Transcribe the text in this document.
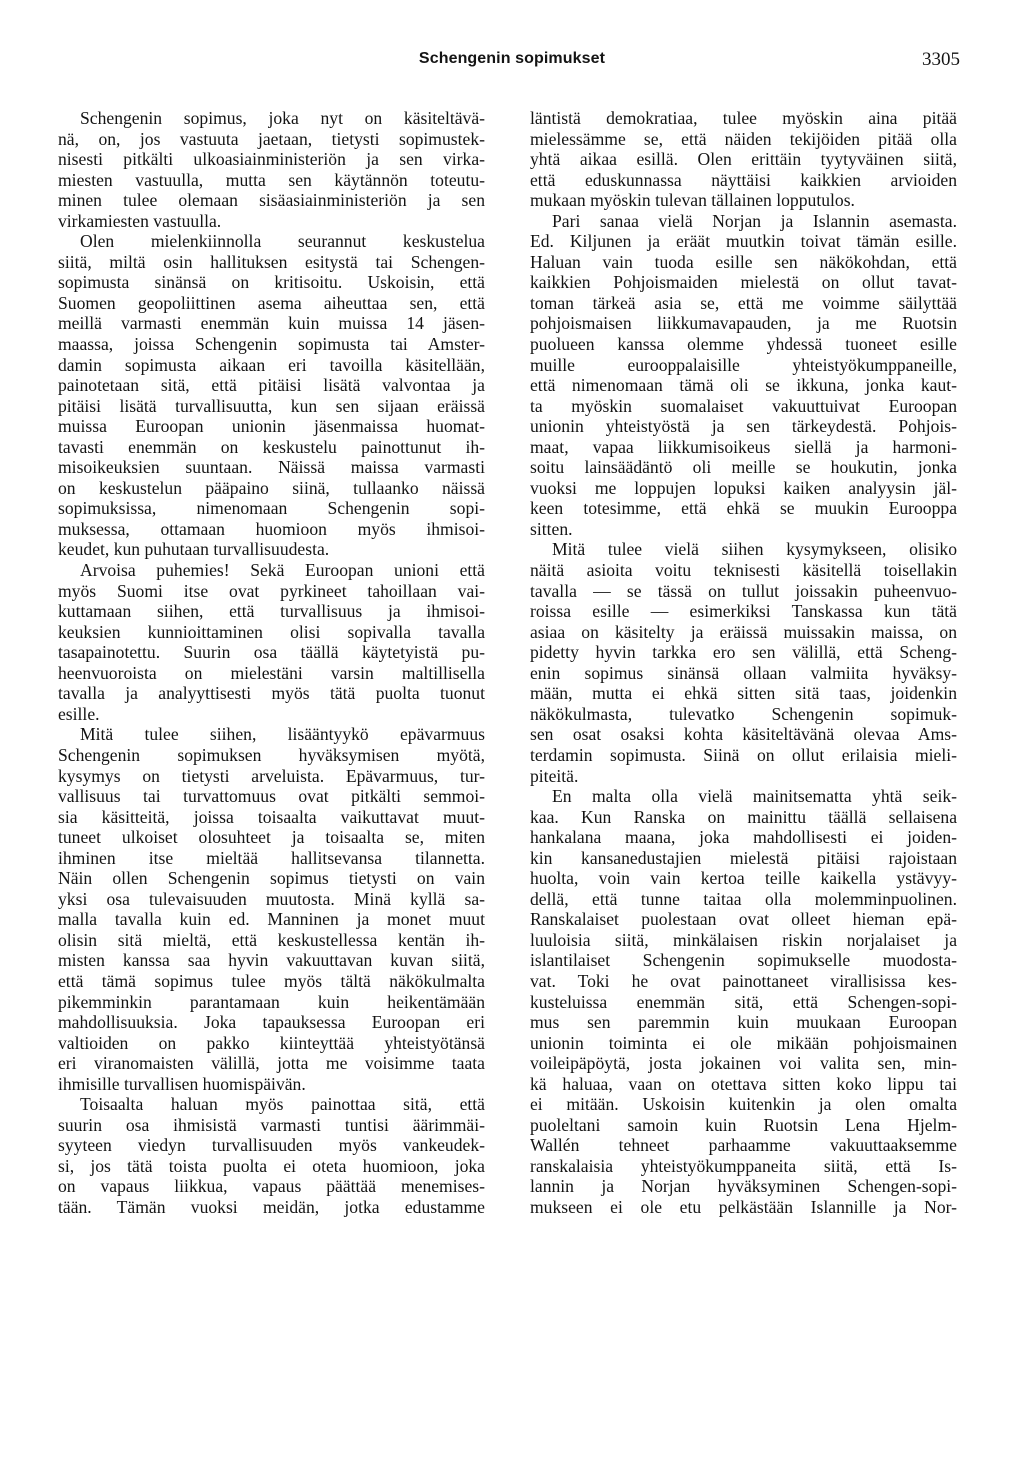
Schengenin sopimukset	3305
Schengenin sopimus, joka nyt on käsiteltävä-
nä, on, jos vastuuta jaetaan, tietysti sopimustek-
nisesti pitkälti ulkoasiainministeriön ja sen virka-
miesten vastuulla, mutta sen käytännön toteutu-
minen tulee olemaan sisäasiainministeriön ja sen
virkamiesten vastuulla.
Olen mielenkiinnolla seurannut keskustelua
siitä, miltä osin hallituksen esitystä tai Schengen-
sopimusta sinänsä on kritisoitu. Uskoisin, että
Suomen geopoliittinen asema aiheuttaa sen, että
meillä varmasti enemmän kuin muissa 14 jäsen-
maassa, joissa Schengenin sopimusta tai Amster-
damin sopimusta aikaan eri tavoilla käsitellään,
painotetaan sitä, että pitäisi lisätä valvontaa ja
pitäisi lisätä turvallisuutta, kun sen sijaan eräissä
muissa Euroopan unionin jäsenmaissa huomat-
tavasti enemmän on keskustelu painottunut ih-
misoikeuksien suuntaan. Näissä maissa varmasti
on keskustelun pääpaino siinä, tullaanko näissä
sopimuksissa, nimenomaan Schengenin sopi-
muksessa, ottamaan huomioon myös ihmisoi-
keudet, kun puhutaan turvallisuudesta.
Arvoisa puhemies! Sekä Euroopan unioni että
myös Suomi itse ovat pyrkineet tahoillaan vai-
kuttamaan siihen, että turvallisuus ja ihmisoi-
keuksien kunnioittaminen olisi sopivalla tavalla
tasapainotettu. Suurin osa täällä käytetyistä pu-
heenvuoroista on mielestäni varsin maltillisella
tavalla ja analyyttisesti myös tätä puolta tuonut
esille.
Mitä tulee siihen, lisääntyykö epävarmuus
Schengenin sopimuksen hyväksymisen myötä,
kysymys on tietysti arveluista. Epävarmuus, tur-
vallisuus tai turvattomuus ovat pitkälti semmoi-
sia käsitteitä, joissa toisaalta vaikuttavat muut-
tuneet ulkoiset olosuhteet ja toisaalta se, miten
ihminen itse mieltää hallitsevansa tilannetta.
Näin ollen Schengenin sopimus tietysti on vain
yksi osa tulevaisuuden muutosta. Minä kyllä sa-
malla tavalla kuin ed. Manninen ja monet muut
olisin sitä mieltä, että keskustellessa kentän ih-
misten kanssa saa hyvin vakuuttavan kuvan siitä,
että tämä sopimus tulee myös tältä näkökulmalta
pikemminkin parantamaan kuin heikentämään
mahdollisuuksia. Joka tapauksessa Euroopan eri
valtioiden on pakko kiinteyttää yhteistyötänsä
eri viranomaisten välillä, jotta me voisimme taata
ihmisille turvallisen huomispäivän.
Toisaalta haluan myös painottaa sitä, että
suurin osa ihmisistä varmasti tuntisi äärimmäi-
syyteen viedyn turvallisuuden myös vankeudek-
si, jos tätä toista puolta ei oteta huomioon, joka
on vapaus liikkua, vapaus päättää menemises-
tään. Tämän vuoksi meidän, jotka edustamme
läntistä demokratiaa, tulee myöskin aina pitää
mielessämme se, että näiden tekijöiden pitää olla
yhtä aikaa esillä. Olen erittäin tyytyväinen siitä,
että eduskunnassa näyttäisi kaikkien arvioiden
mukaan myöskin tulevan tällainen lopputulos.
Pari sanaa vielä Norjan ja Islannin asemasta.
Ed. Kiljunen ja eräät muutkin toivat tämän esille.
Haluan vain tuoda esille sen näkökohdan, että
kaikkien Pohjoismaiden mielestä on ollut tavat-
toman tärkeä asia se, että me voimme säilyttää
pohjoismaisen liikkumavapauden, ja me Ruotsin
puolueen kanssa olemme yhdessä tuoneet esille
muille eurooppalaisille yhteistyökumppaneille,
että nimenomaan tämä oli se ikkuna, jonka kaut-
ta myöskin suomalaiset vakuuttuivat Euroopan
unionin yhteistyöstä ja sen tärkeydestä. Pohjois-
maat, vapaa liikkumisoikeus siellä ja harmoni-
soitu lainsäädäntö oli meille se houkutin, jonka
vuoksi me loppujen lopuksi kaiken analyysin jäl-
keen totesimme, että ehkä se muukin Eurooppa
sitten.
Mitä tulee vielä siihen kysymykseen, olisiko
näitä asioita voitu teknisesti käsitellä toisellakin
tavalla — se tässä on tullut joissakin puheenvuo-
roissa esille — esimerkiksi Tanskassa kun tätä
asiaa on käsitelty ja eräissä muissakin maissa, on
pidetty hyvin tarkka ero sen välillä, että Scheng-
enin sopimus sinänsä ollaan valmiita hyväksy-
mään, mutta ei ehkä sitten sitä taas, joidenkin
näkökulmasta, tulevatko Schengenin sopimuk-
sen osat osaksi kohta käsiteltävänä olevaa Ams-
terdamin sopimusta. Siinä on ollut erilaisia mieli-
piteitä.
En malta olla vielä mainitsematta yhtä seik-
kaa. Kun Ranska on mainittu täällä sellaisena
hankalana maana, joka mahdollisesti ei joiden-
kin kansanedustajien mielestä pitäisi rajoistaan
huolta, voin vain kertoa teille kaikella ystävyy-
dellä, että tunne taitaa olla molemminpuolinen.
Ranskalaiset puolestaan ovat olleet hieman epä-
luuloisia siitä, minkälaisen riskin norjalaiset ja
islantilaiset Schengenin sopimukselle muodosta-
vat. Toki he ovat painottaneet virallisissa kes-
kusteluissa enemmän sitä, että Schengen-sopi-
mus sen paremmin kuin muukaan Euroopan
unionin toiminta ei ole mikään pohjoismainen
voileipäpöytä, josta jokainen voi valita sen, min-
kä haluaa, vaan on otettava sitten koko lippu tai
ei mitään. Uskoisin kuitenkin ja olen omalta
puoleltani samoin kuin Ruotsin Lena Hjelm-
Wallén tehneet parhaamme vakuuttaaksemme
ranskalaisia yhteistyökumppaneita siitä, että Is-
lannin ja Norjan hyväksyminen Schengen-sopi-
mukseen ei ole etu pelkästään Islannille ja Nor-
